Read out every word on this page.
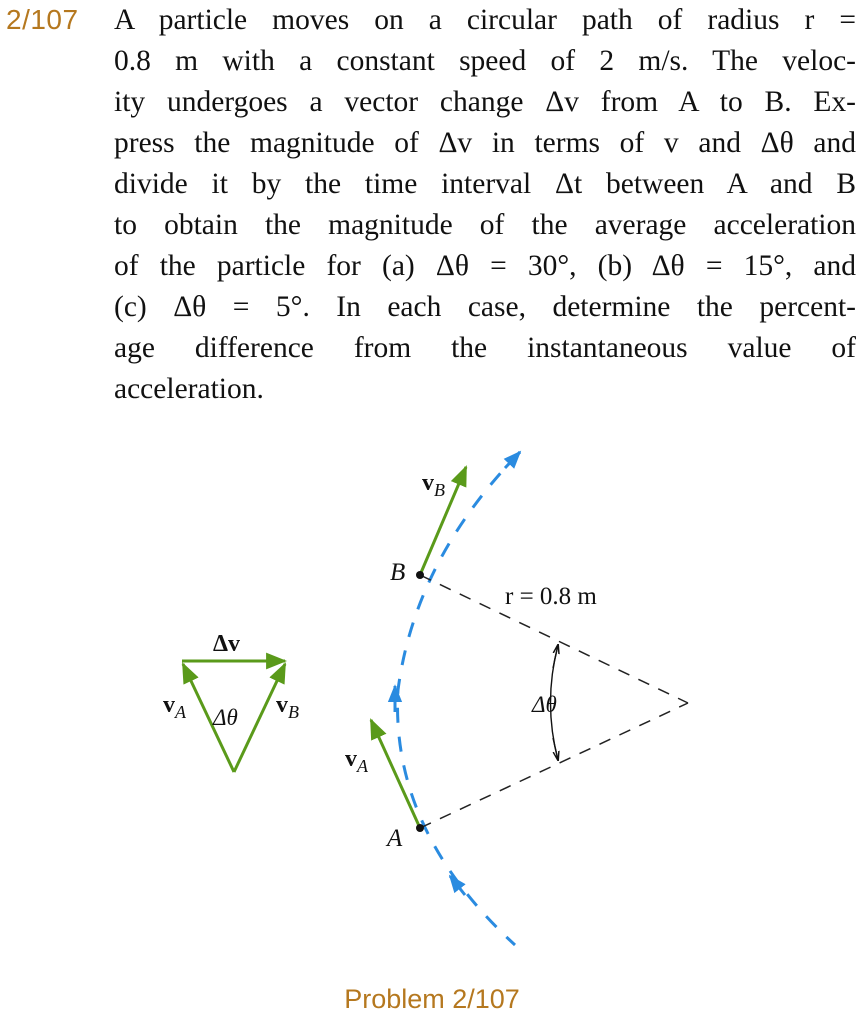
2/107 A particle moves on a circular path of radius r =
0.8 m with a constant speed of 2 m/s. The veloc-
ity undergoes a vector change Δv from A to B. Ex-
press the magnitude of Δv in terms of v and Δθ and
divide it by the time interval Δt between A and B
to obtain the magnitude of the average acceleration
of the particle for (a) Δθ = 30°, (b) Δθ = 15°, and
(c) Δθ = 5°. In each case, determine the percent-
age difference from the instantaneous value of
acceleration.
Δv
$v_A$	$v_B$
Δθ
B
A
r = 0.8 m
Δθ
$v_B$
$v_A$
Problem 2/107
